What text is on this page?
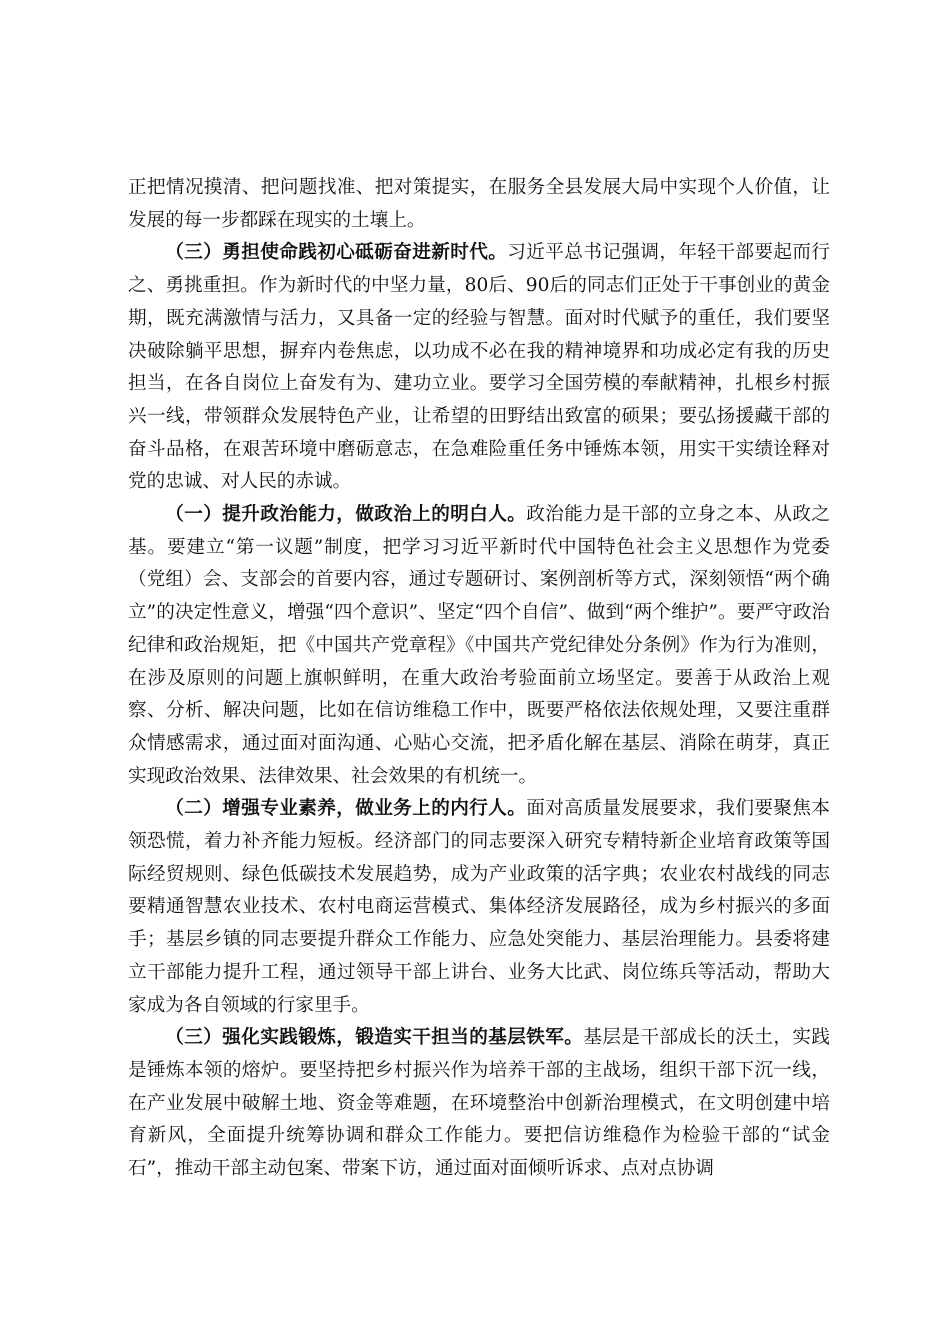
正把情况摸清、把问题找准、把对策提实，在服务全县发展大局中实现个人价值，让发展的每一步都踩在现实的土壤上。

（三）勇担使命践初心砥砺奋进新时代。习近平总书记强调，年轻干部要起而行之、勇挑重担。作为新时代的中坚力量，80后、90后的同志们正处于干事创业的黄金期，既充满激情与活力，又具备一定的经验与智慧。面对时代赋予的重任，我们要坚决破除躺平思想，摒弃内卷焦虑，以功成不必在我的精神境界和功成必定有我的历史担当，在各自岗位上奋发有为、建功立业。要学习全国劳模的奉献精神，扎根乡村振兴一线，带领群众发展特色产业，让希望的田野结出致富的硕果；要弘扬援藏干部的奋斗品格，在艰苦环境中磨砺意志，在急难险重任务中锤炼本领，用实干实绩诠释对党的忠诚、对人民的赤诚。

（一）提升政治能力，做政治上的明白人。政治能力是干部的立身之本、从政之基。要建立“第一议题”制度，把学习习近平新时代中国特色社会主义思想作为党委（党组）会、支部会的首要内容，通过专题研讨、案例剖析等方式，深刻领悟“两个确立”的决定性意义，增强“四个意识”、坚定“四个自信”、做到“两个维护”。要严守政治纪律和政治规矩，把《中国共产党章程》《中国共产党纪律处分条例》作为行为准则，在涉及原则的问题上旗帜鲜明，在重大政治考验面前立场坚定。要善于从政治上观察、分析、解决问题，比如在信访维稳工作中，既要严格依法依规处理，又要注重群众情感需求，通过面对面沟通、心贴心交流，把矛盾化解在基层、消除在萌芽，真正实现政治效果、法律效果、社会效果的有机统一。

（二）增强专业素养，做业务上的内行人。面对高质量发展要求，我们要聚焦本领恐慌，着力补齐能力短板。经济部门的同志要深入研究专精特新企业培育政策等国际经贸规则、绿色低碳技术发展趋势，成为产业政策的活字典；农业农村战线的同志要精通智慧农业技术、农村电商运营模式、集体经济发展路径，成为乡村振兴的多面手；基层乡镇的同志要提升群众工作能力、应急处突能力、基层治理能力。县委将建立干部能力提升工程，通过领导干部上讲台、业务大比武、岗位练兵等活动，帮助大家成为各自领域的行家里手。

（三）强化实践锻炼，锻造实干担当的基层铁军。基层是干部成长的沃土，实践是锤炼本领的熔炉。要坚持把乡村振兴作为培养干部的主战场，组织干部下沉一线，在产业发展中破解土地、资金等难题，在环境整治中创新治理模式，在文明创建中培育新风，全面提升统筹协调和群众工作能力。要把信访维稳作为检验干部的“试金石”，推动干部主动包案、带案下访，通过面对面倾听诉求、点对点协调
